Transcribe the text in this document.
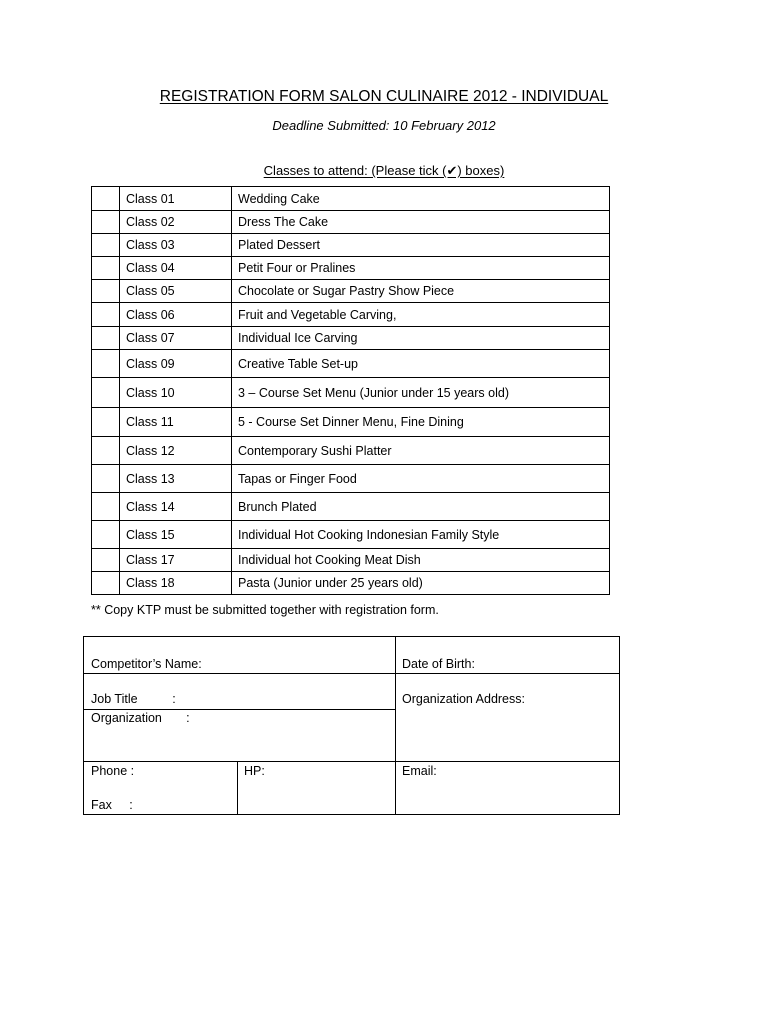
REGISTRATION FORM SALON CULINAIRE 2012 - INDIVIDUAL
Deadline Submitted: 10 February 2012
Classes to attend: (Please tick (✔) boxes)
	Class 01	Wedding Cake
	Class 02	Dress The Cake
	Class 03	Plated Dessert
	Class 04	Petit Four or Pralines
	Class 05	Chocolate or Sugar Pastry Show Piece
	Class 06	Fruit and Vegetable Carving,
	Class 07	Individual Ice Carving
	Class 09	Creative Table Set-up
	Class 10	3 – Course Set Menu (Junior under 15 years old)
	Class 11	5 - Course Set Dinner Menu, Fine Dining
	Class 12	Contemporary Sushi Platter
	Class 13	Tapas or Finger Food
	Class 14	Brunch Plated
	Class 15	Individual Hot Cooking Indonesian Family Style
	Class 17	Individual hot Cooking Meat Dish
	Class 18	Pasta (Junior under 25 years old)
** Copy KTP must be submitted together with registration form.
Competitor’s Name:	Date of Birth:
Job Title          :	Organization Address:
Organization       :
Phone :
Fax     :
HP:	Email:
